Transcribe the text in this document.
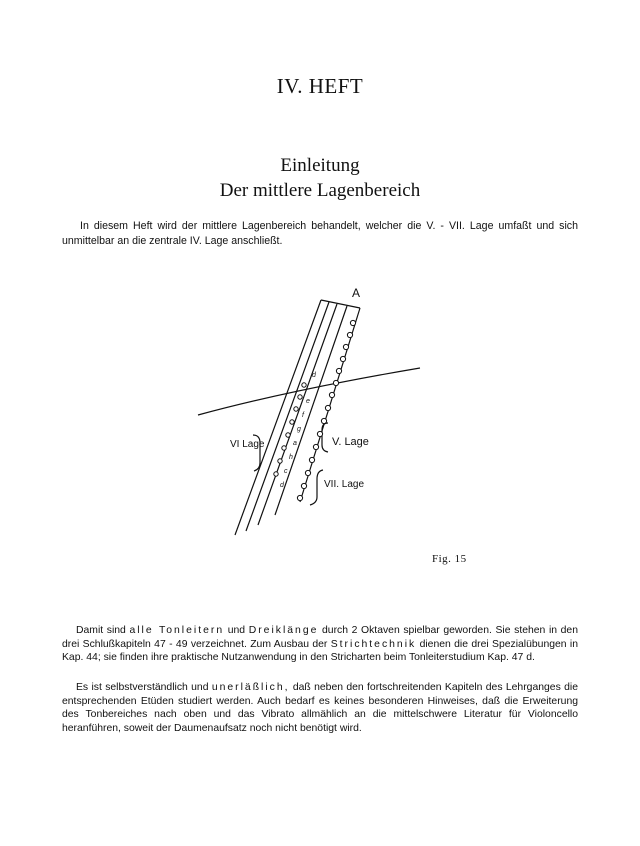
IV. HEFT
Einleitung
Der mittlere Lagenbereich

In diesem Heft wird der mittlere Lagenbereich behandelt, welcher die V. - VII. Lage umfaßt und sich unmittelbar an die zentrale IV. Lage anschließt.

A
VI Lage	V. Lage
VII. Lage
d
e
f
g
a
h
c
d
Fig. 15

Damit sind alle Tonleitern und Dreiklänge durch 2 Oktaven spielbar geworden. Sie stehen in den drei Schlußkapiteln 47 - 49 verzeichnet. Zum Ausbau der Strichtechnik dienen die drei Spezialübungen in Kap. 44; sie finden ihre praktische Nutzanwendung in den Stricharten beim Tonleiterstudium Kap. 47 d.

Es ist selbstverständlich und unerläßlich, daß neben den fortschreitenden Kapiteln des Lehrganges die entsprechenden Etüden studiert werden. Auch bedarf es keines besonderen Hinweises, daß die Erweiterung des Tonbereiches nach oben und das Vibrato allmählich an die mittelschwere Literatur für Violoncello heranführen, soweit der Daumenaufsatz noch nicht benötigt wird.
